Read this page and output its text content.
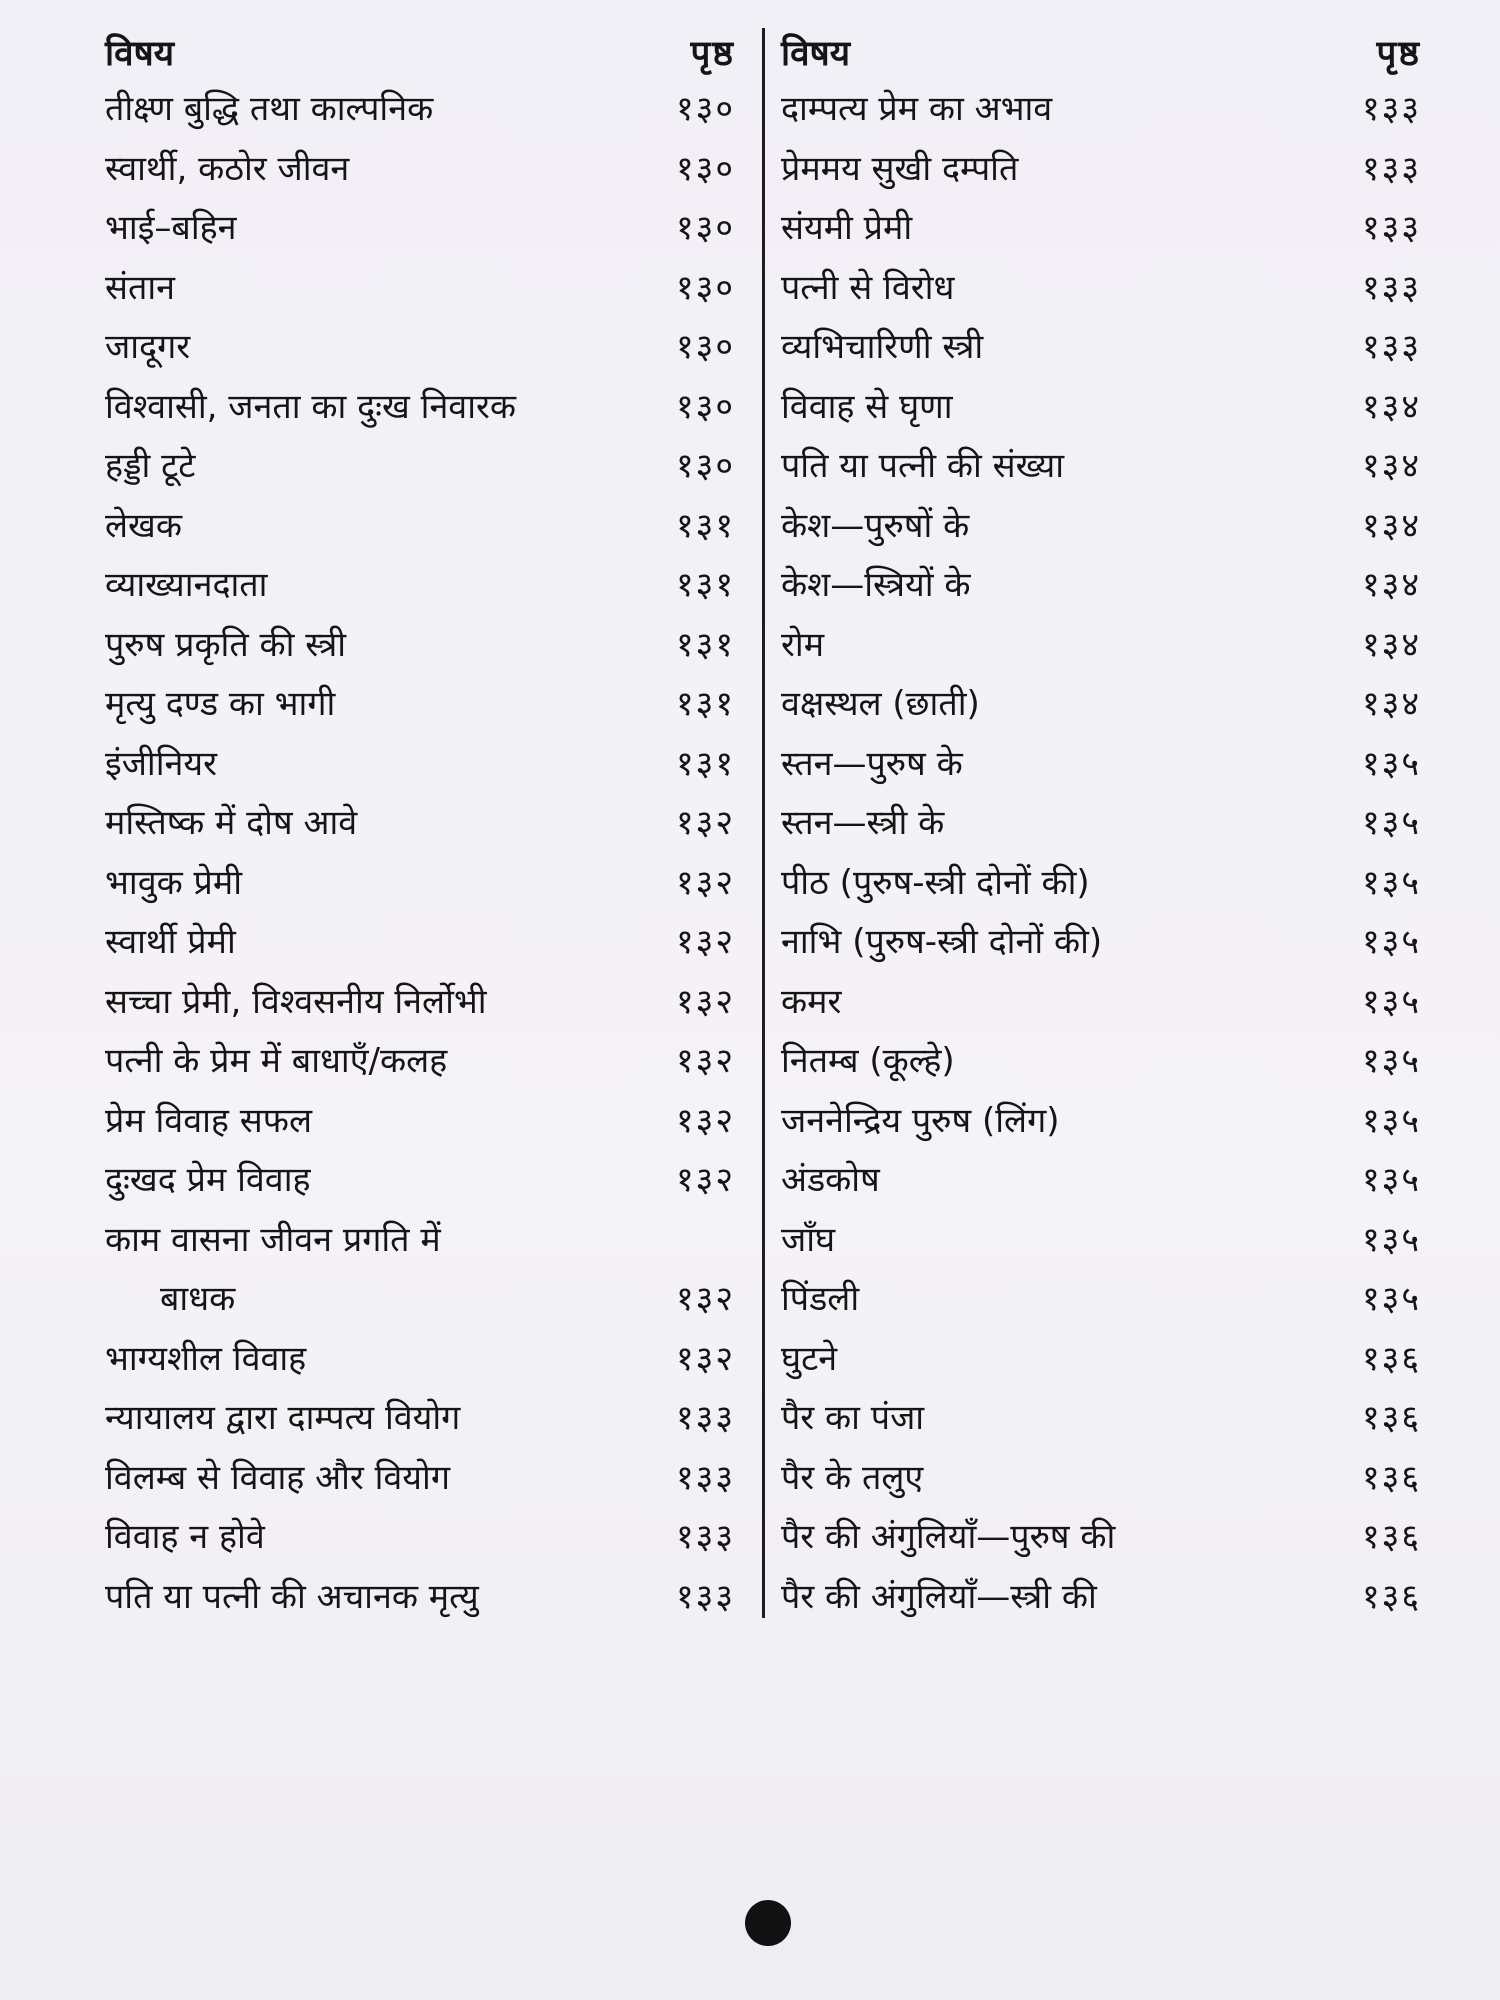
विषय	पृष्ठ
तीक्ष्ण बुद्धि तथा काल्पनिक	१३०
स्वार्थी, कठोर जीवन	१३०
भाई–बहिन	१३०
संतान	१३०
जादूगर	१३०
विश्वासी, जनता का दुःख निवारक	१३०
हड्डी टूटे	१३०
लेखक	१३१
व्याख्यानदाता	१३१
पुरुष प्रकृति की स्त्री	१३१
मृत्यु दण्ड का भागी	१३१
इंजीनियर	१३१
मस्तिष्क में दोष आवे	१३२
भावुक प्रेमी	१३२
स्वार्थी प्रेमी	१३२
सच्चा प्रेमी, विश्वसनीय निर्लोभी	१३२
पत्नी के प्रेम में बाधाएँ/कलह	१३२
प्रेम विवाह सफल	१३२
दुःखद प्रेम विवाह	१३२
काम वासना जीवन प्रगति में
बाधक	१३२
भाग्यशील विवाह	१३२
न्यायालय द्वारा दाम्पत्य वियोग	१३३
विलम्ब से विवाह और वियोग	१३३
विवाह न होवे	१३३
पति या पत्नी की अचानक मृत्यु	१३३
विषय	पृष्ठ
दाम्पत्य प्रेम का अभाव	१३३
प्रेममय सुखी दम्पति	१३३
संयमी प्रेमी	१३३
पत्नी से विरोध	१३३
व्यभिचारिणी स्त्री	१३३
विवाह से घृणा	१३४
पति या पत्नी की संख्या	१३४
केश—पुरुषों के	१३४
केश—स्त्रियों के	१३४
रोम	१३४
वक्षस्थल (छाती)	१३४
स्तन—पुरुष के	१३५
स्तन—स्त्री के	१३५
पीठ (पुरुष-स्त्री दोनों की)	१३५
नाभि (पुरुष-स्त्री दोनों की)	१३५
कमर	१३५
नितम्ब (कूल्हे)	१३५
जननेन्द्रिय पुरुष (लिंग)	१३५
अंडकोष	१३५
जाँघ	१३५
पिंडली	१३५
घुटने	१३६
पैर का पंजा	१३६
पैर के तलुए	१३६
पैर की अंगुलियाँ—पुरुष की	१३६
पैर की अंगुलियाँ—स्त्री की	१३६
